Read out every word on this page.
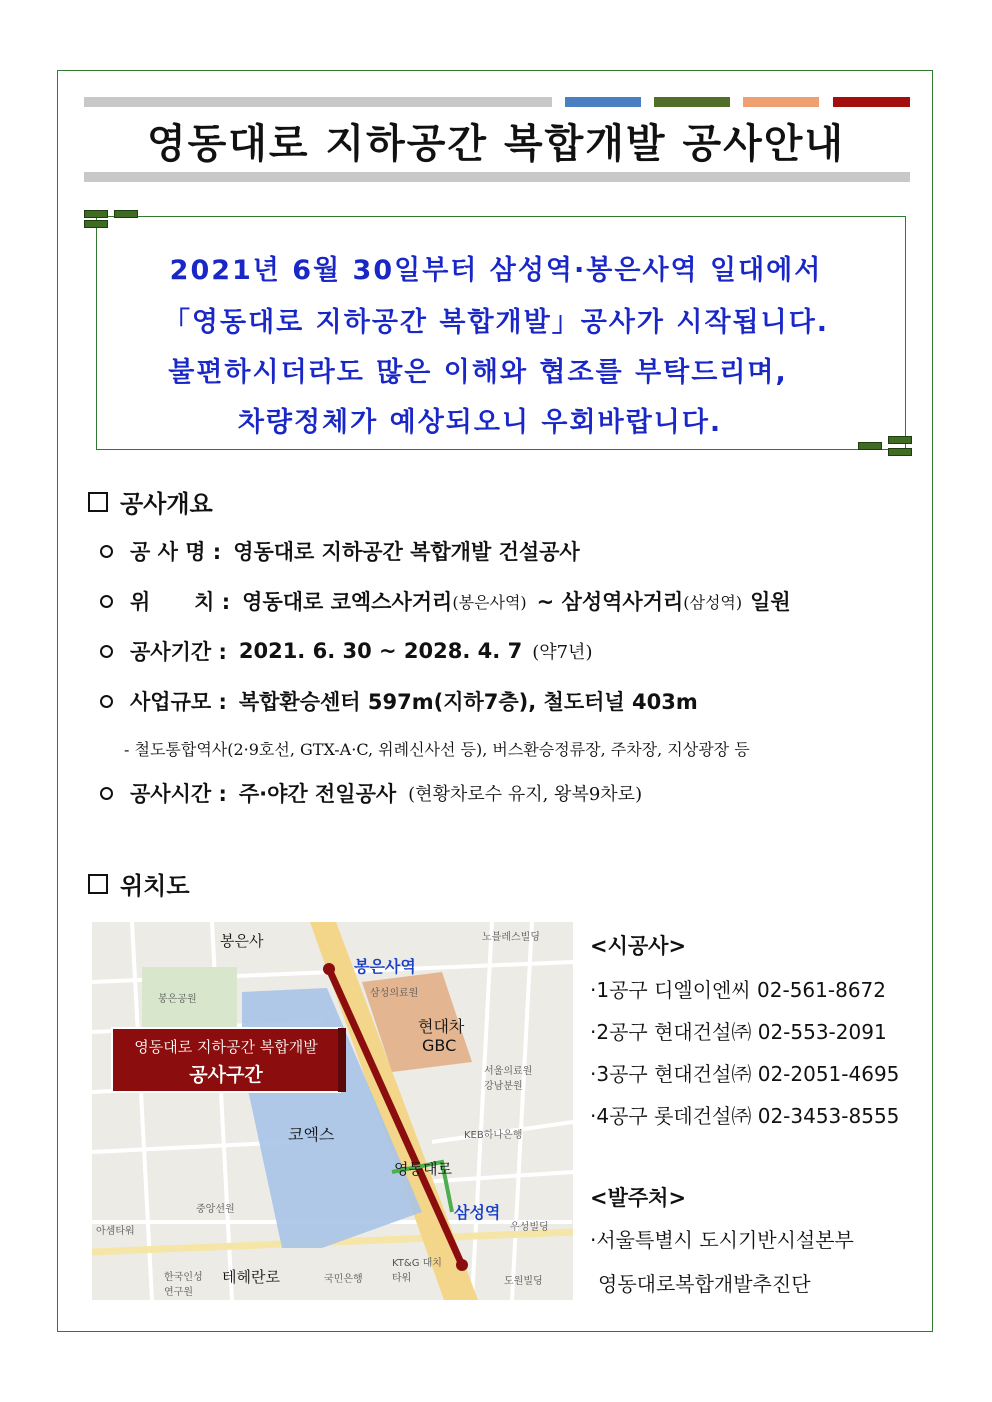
영동대로 지하공간 복합개발 공사안내
2021년 6월 30일부터 삼성역·봉은사역 일대에서
「영동대로 지하공간 복합개발」공사가 시작됩니다.
불편하시더라도 많은 이해와 협조를 부탁드리며,
차량정체가 예상되오니 우회바랍니다.
공사개요
공 사 명 : 영동대로 지하공간 복합개발 건설공사
위      치 : 영동대로 코엑스사거리 (봉은사역) ~ 삼성역사거리 (삼성역) 일원
공사기간 : 2021. 6. 30 ~ 2028. 4. 7 (약7년)
사업규모 : 복합환승센터 597m(지하7층), 철도터널 403m
- 철도통합역사(2·9호선, GTX-A·C, 위례신사선 등), 버스환승정류장, 주차장, 지상광장 등
공사시간 : 주·야간 전일공사 (현황차로수 유지, 왕복9차로)
위치도
봉은사
봉은사역
현대차
GBC
코엑스
영동대로
삼성역
테헤란로
봉은공원
KEB하나은행
서울의료원 강남분원
국민은행
KT&G 대치타워
우성빌딩
도원빌딩
노블레스빌딩
삼성의료원
아셈타워
중앙선원
한국인성 연구원
영동대로 지하공간 복합개발
공사구간
<시공사>
·1공구 디엘이엔씨 02-561-8672
·2공구 현대건설㈜ 02-553-2091
·3공구 현대건설㈜ 02-2051-4695
·4공구 롯데건설㈜ 02-3453-8555
<발주처>
·서울특별시 도시기반시설본부
영동대로복합개발추진단
